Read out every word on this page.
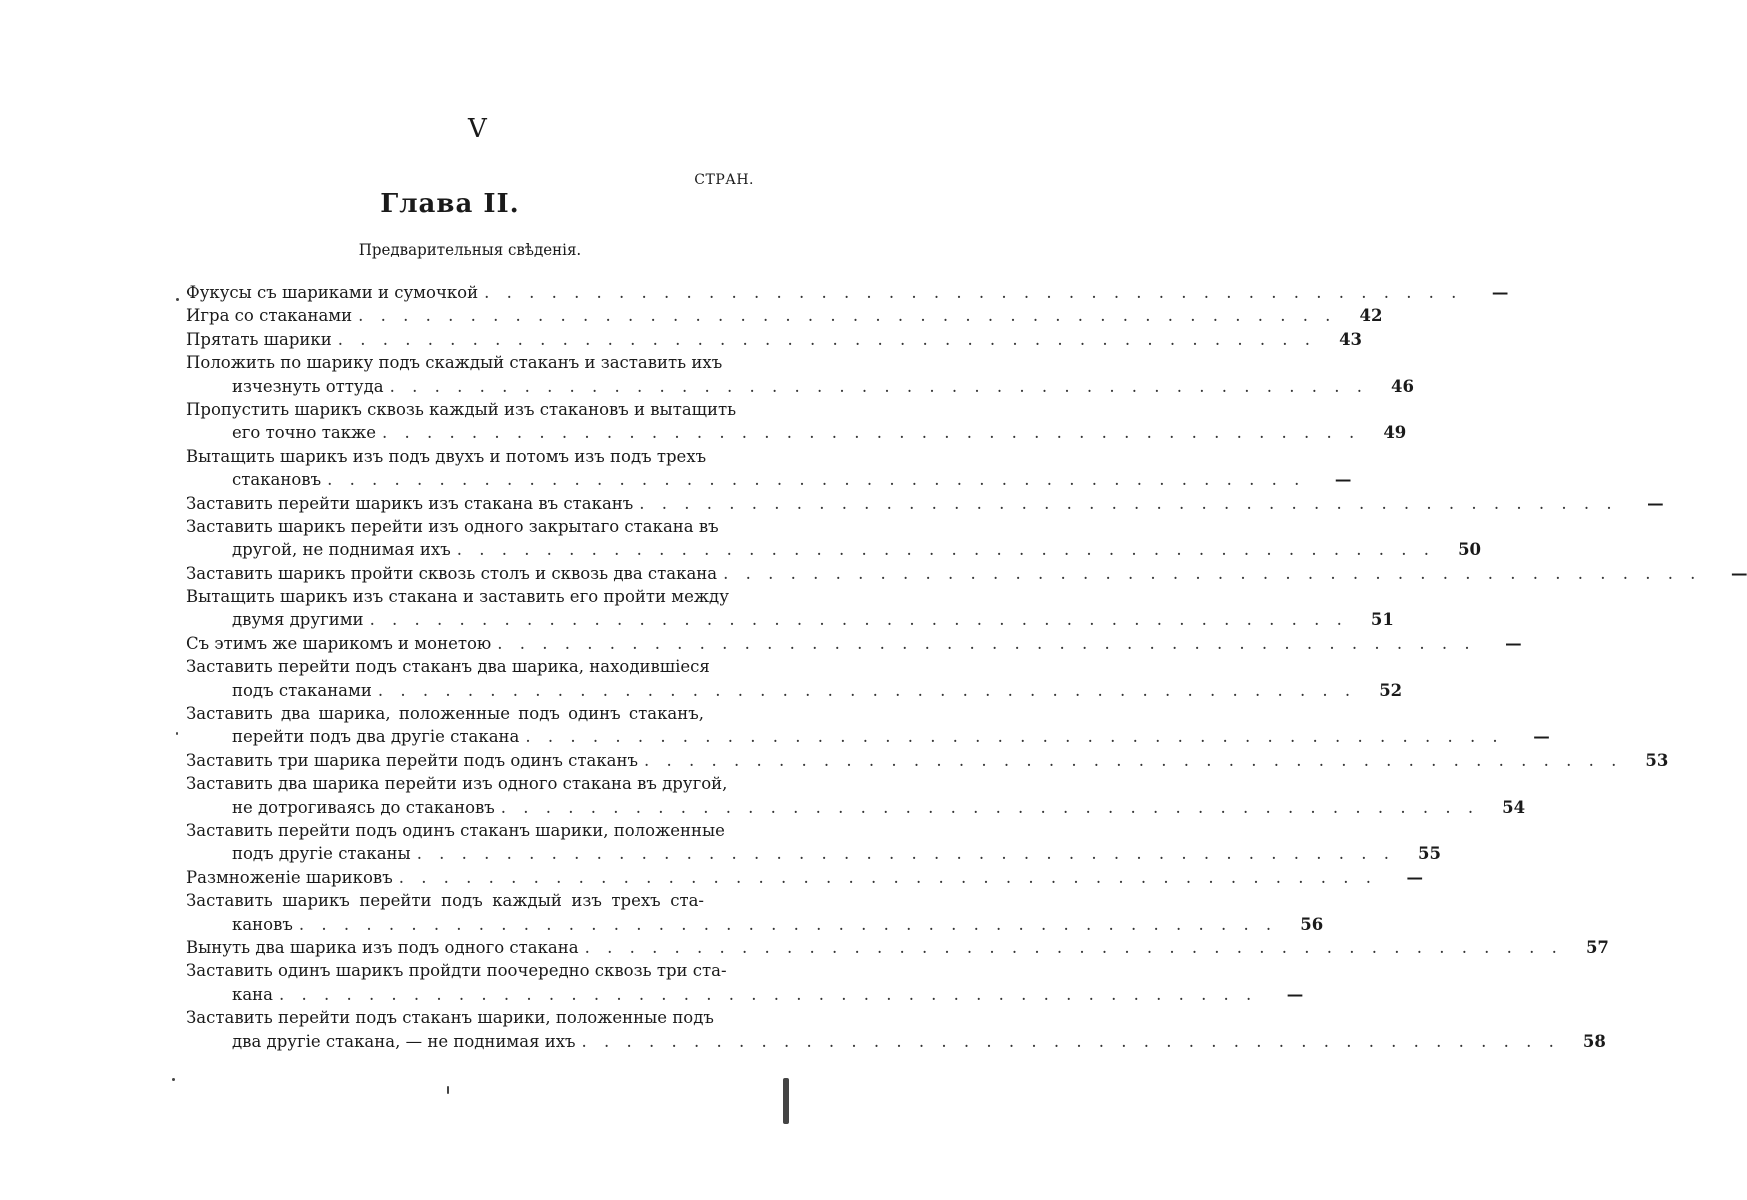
V
СТРАН.
Глава II.
Предварительныя свѣденія.
Фукусы съ шариками и сумочкой . . .	—
Игра со стаканами . . .	42
Прятать шарики . . .	43
Положить по шарику подъ скаждый стаканъ и заставить ихъ
изчезнуть оттуда . . .	46
Пропустить шарикъ сквозь каждый изъ стакановъ и вытащить
его точно также . . .	49
Вытащить шарикъ изъ подъ двухъ и потомъ изъ подъ трехъ
стакановъ . . .	—
Заставить перейти шарикъ изъ стакана въ стаканъ . . .	—
Заставить шарикъ перейти изъ одного закрытаго стакана въ
другой, не поднимая ихъ . . .	50
Заставить шарикъ пройти сквозь столъ и сквозь два стакана . . .	—
Вытащить шарикъ изъ стакана и заставить его пройти между
двумя другими . . .	51
Съ этимъ же шарикомъ и монетою . . .	—
Заставить перейти подъ стаканъ два шарика, находившіеся
подъ стаканами . . .	52
Заставить два шарика, положенные подъ одинъ стаканъ,
перейти подъ два другіе стакана . . .	—
Заставить три шарика перейти подъ одинъ стаканъ . . .	53
Заставить два шарика перейти изъ одного стакана въ другой,
не дотрогиваясь до стакановъ . . .	54
Заставить перейти подъ одинъ стаканъ шарики, положенные
подъ другіе стаканы . . .	55
Размноженіе шариковъ . . .	—
Заставить шарикъ перейти подъ каждый изъ трехъ ста-
кановъ . . .	56
Вынуть два шарика изъ подъ одного стакана . . .	57
Заставить одинъ шарикъ пройдти поочередно сквозь три ста-
кана . . .	—
Заставить перейти подъ стаканъ шарики, положенные подъ
два другіе стакана, — не поднимая ихъ . . .	58
